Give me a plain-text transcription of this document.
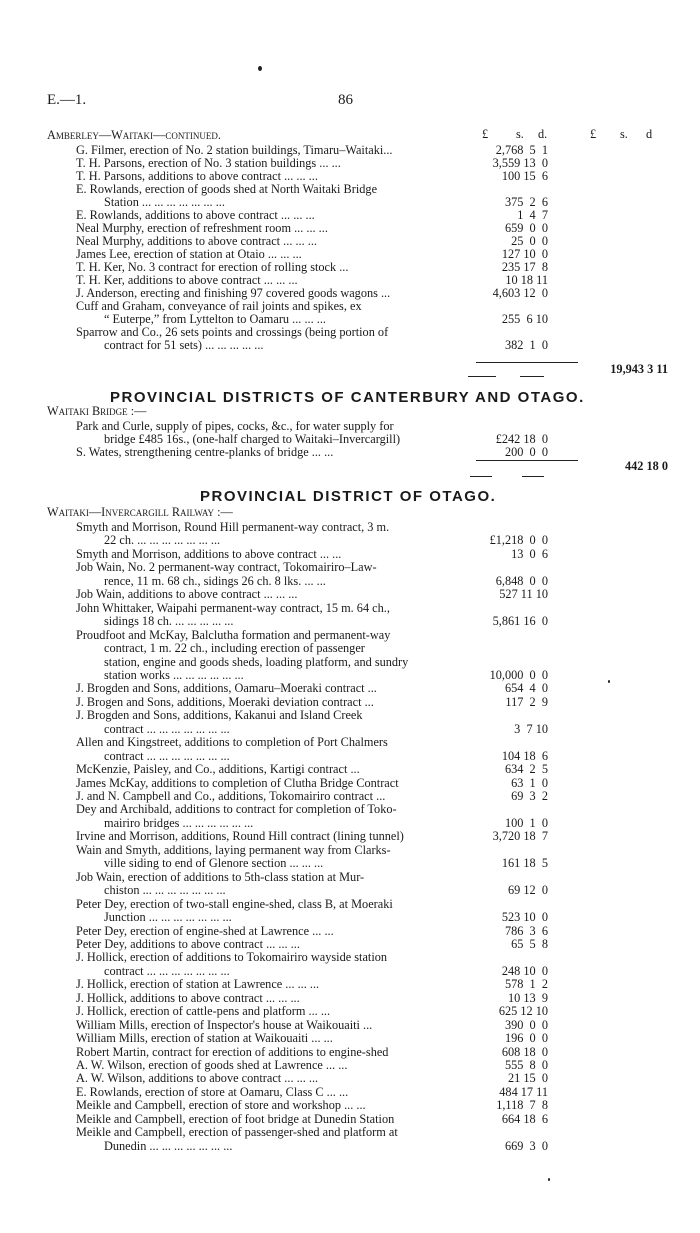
E.—1.	86
£ s. d.	£ s. d
Amberley—Waitaki—continued.
G. Filmer, erection of No. 2 station buildings, Timaru–Waitaki...	2,768  5  1
T. H. Parsons, erection of No. 3 station buildings ... ...	3,559 13  0
T. H. Parsons, additions to above contract ... ... ...	100 15  6
E. Rowlands, erection of goods shed at North Waitaki Bridge
Station ... ... ... ... ... ... ...	375  2  6
E. Rowlands, additions to above contract ... ... ...	1  4  7
Neal Murphy, erection of refreshment room ... ... ...	659  0  0
Neal Murphy, additions to above contract ... ... ...	25  0  0
James Lee, erection of station at Otaio ... ... ...	127 10  0
T. H. Ker, No. 3 contract for erection of rolling stock ...	235 17  8
T. H. Ker, additions to above contract ... ... ...	10 18 11
J. Anderson, erecting and finishing 97 covered goods wagons ...	4,603 12  0
Cuff and Graham, conveyance of rail joints and spikes, ex
“ Euterpe,” from Lyttelton to Oamaru ... ... ...	255  6 10
Sparrow and Co., 26 sets points and crossings (being portion of
contract for 51 sets) ... ... ... ... ...	382  1  0
19,943 3 11
PROVINCIAL DISTRICTS OF CANTERBURY AND OTAGO.
Waitaki Bridge :—
Park and Curle, supply of pipes, cocks, &c., for water supply for
bridge £485 16s., (one-half charged to Waitaki–Invercargill)	£242 18  0
S. Wates, strengthening centre-planks of bridge ... ...	200  0  0
442 18 0
PROVINCIAL DISTRICT OF OTAGO.
Waitaki—Invercargill Railway :—
Smyth and Morrison, Round Hill permanent-way contract, 3 m.
22 ch. ... ... ... ... ... ... ...	£1,218  0  0
Smyth and Morrison, additions to above contract ... ...	13  0  6
Job Wain, No. 2 permanent-way contract, Tokomairiro–Law-
rence, 11 m. 68 ch., sidings 26 ch. 8 lks. ... ...	6,848  0  0
Job Wain, additions to above contract ... ... ...	527 11 10
John Whittaker, Waipahi permanent-way contract, 15 m. 64 ch.,
sidings 18 ch. ... ... ... ... ...	5,861 16  0
Proudfoot and McKay, Balclutha formation and permanent-way
contract, 1 m. 22 ch., including erection of passenger
station, engine and goods sheds, loading platform, and sundry
station works ... ... ... ... ... ...	10,000  0  0
J. Brogden and Sons, additions, Oamaru–Moeraki contract ...	654  4  0
J. Brogen and Sons, additions, Moeraki deviation contract ...	117  2  9
J. Brogden and Sons, additions, Kakanui and Island Creek
contract ... ... ... ... ... ... ...	3  7 10
Allen and Kingstreet, additions to completion of Port Chalmers
contract ... ... ... ... ... ... ...	104 18  6
McKenzie, Paisley, and Co., additions, Kartigi contract ...	634  2  5
James McKay, additions to completion of Clutha Bridge Contract	63  1  0
J. and N. Campbell and Co., additions, Tokomairiro contract ...	69  3  2
Dey and Archibald, additions to contract for completion of Toko-
mairiro bridges ... ... ... ... ... ...	100  1  0
Irvine and Morrison, additions, Round Hill contract (lining tunnel)	3,720 18  7
Wain and Smyth, additions, laying permanent way from Clarks-
ville siding to end of Glenore section ... ... ...	161 18  5
Job Wain, erection of additions to 5th-class station at Mur-
chiston ... ... ... ... ... ... ...	69 12  0
Peter Dey, erection of two-stall engine-shed, class B, at Moeraki
Junction ... ... ... ... ... ... ...	523 10  0
Peter Dey, erection of engine-shed at Lawrence ... ...	786  3  6
Peter Dey, additions to above contract ... ... ...	65  5  8
J. Hollick, erection of additions to Tokomairiro wayside station
contract ... ... ... ... ... ... ...	248 10  0
J. Hollick, erection of station at Lawrence ... ... ...	578  1  2
J. Hollick, additions to above contract ... ... ...	10 13  9
J. Hollick, erection of cattle-pens and platform ... ...	625 12 10
William Mills, erection of Inspector's house at Waikouaiti ...	390  0  0
William Mills, erection of station at Waikouaiti ... ...	196  0  0
Robert Martin, contract for erection of additions to engine-shed	608 18  0
A. W. Wilson, erection of goods shed at Lawrence ... ...	555  8  0
A. W. Wilson, additions to above contract ... ... ...	21 15  0
E. Rowlands, erection of store at Oamaru, Class C ... ...	484 17 11
Meikle and Campbell, erection of store and workshop ... ...	1,118  7  8
Meikle and Campbell, erection of foot bridge at Dunedin Station	664 18  6
Meikle and Campbell, erection of passenger-shed and platform at
Dunedin ... ... ... ... ... ... ...	669  3  0
